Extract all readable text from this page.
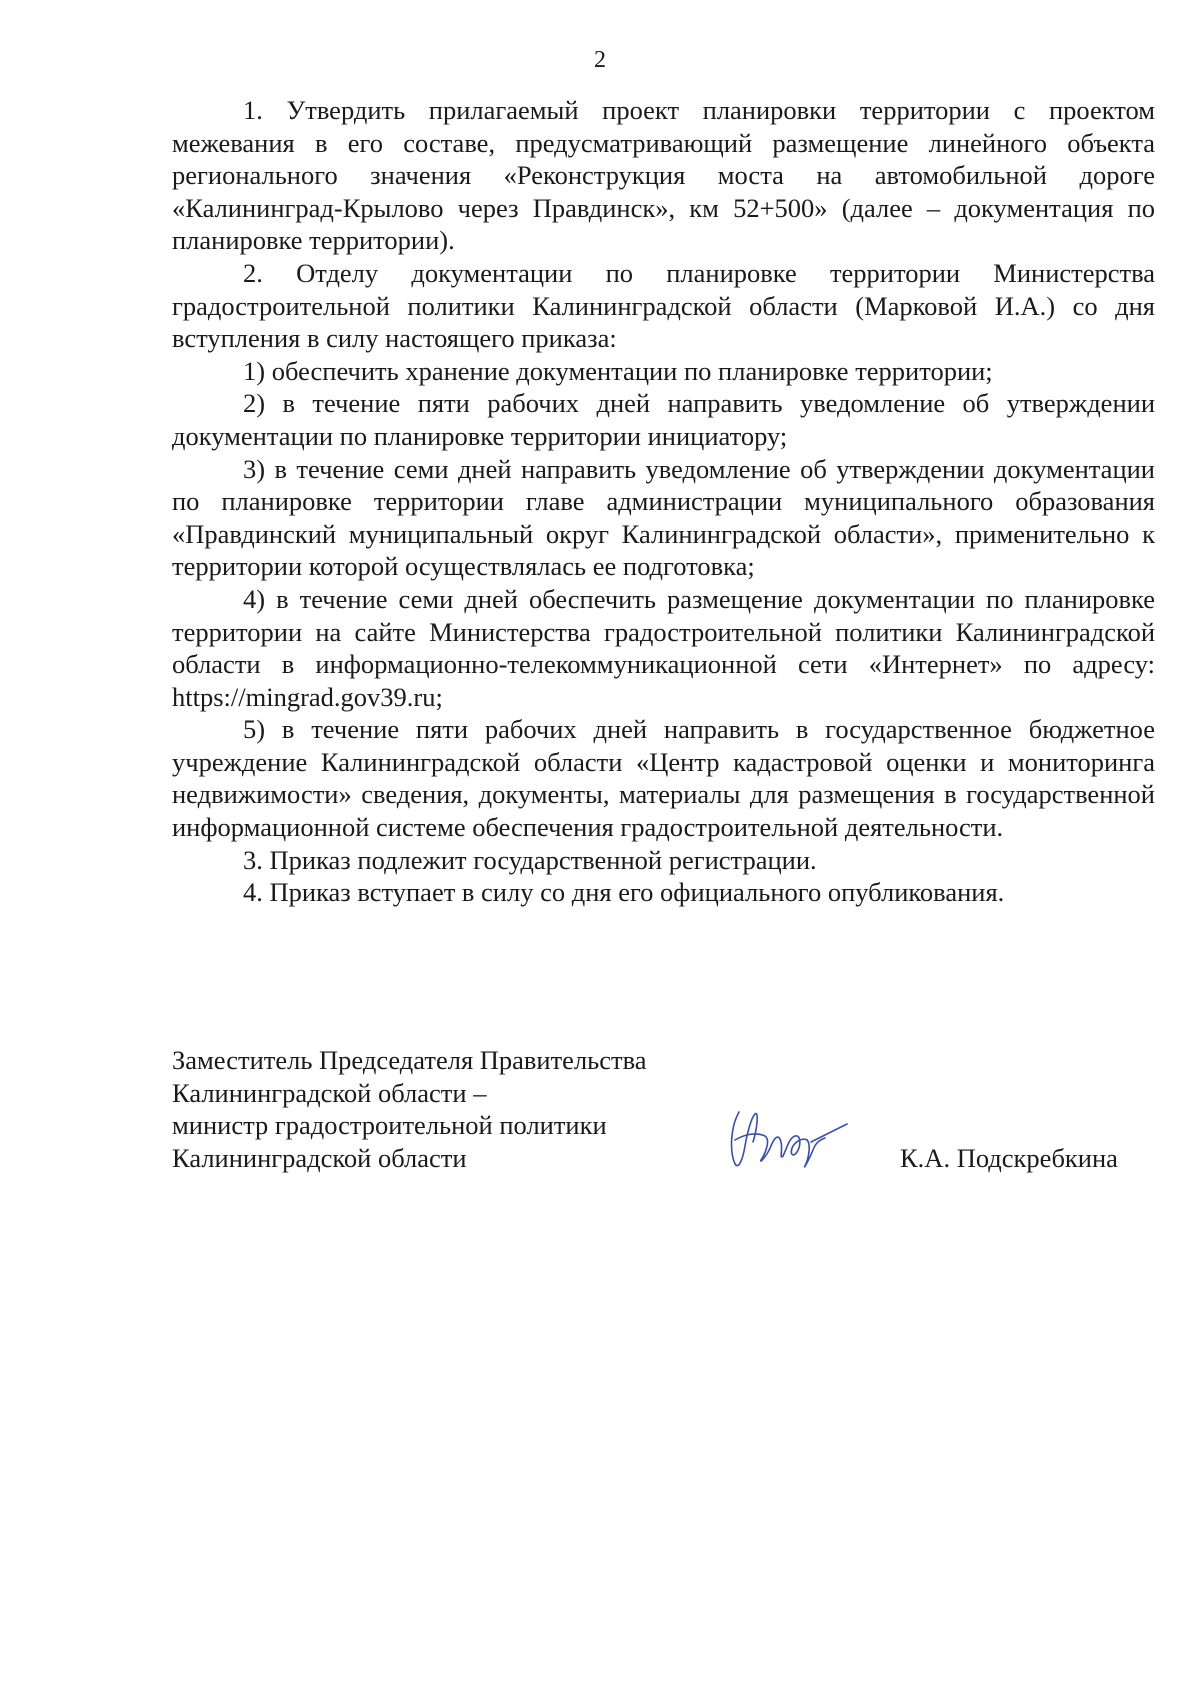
2

1. Утвердить прилагаемый проект планировки территории с проектом межевания в его составе, предусматривающий размещение линейного объекта регионального значения «Реконструкция моста на автомобильной дороге «Калининград-Крылово через Правдинск», км 52+500» (далее – документация по планировке территории).

2. Отделу документации по планировке территории Министерства градостроительной политики Калининградской области (Марковой И.А.) со дня вступления в силу настоящего приказа:

1) обеспечить хранение документации по планировке территории;

2) в течение пяти рабочих дней направить уведомление об утверждении документации по планировке территории инициатору;

3) в течение семи дней направить уведомление об утверждении документации по планировке территории главе администрации муниципального образования «Правдинский муниципальный округ Калининградской области», применительно к территории которой осуществлялась ее подготовка;

4) в течение семи дней обеспечить размещение документации по планировке территории на сайте Министерства градостроительной политики Калининградской области в информационно-телекоммуникационной сети «Интернет» по адресу: https://mingrad.gov39.ru;

5) в течение пяти рабочих дней направить в государственное бюджетное учреждение Калининградской области «Центр кадастровой оценки и мониторинга недвижимости» сведения, документы, материалы для размещения в государственной информационной системе обеспечения градостроительной деятельности.

3. Приказ подлежит государственной регистрации.

4. Приказ вступает в силу со дня его официального опубликования.

Заместитель Председателя Правительства
Калининградской области –
министр градостроительной политики
Калининградской области	К.А. Подскребкина
